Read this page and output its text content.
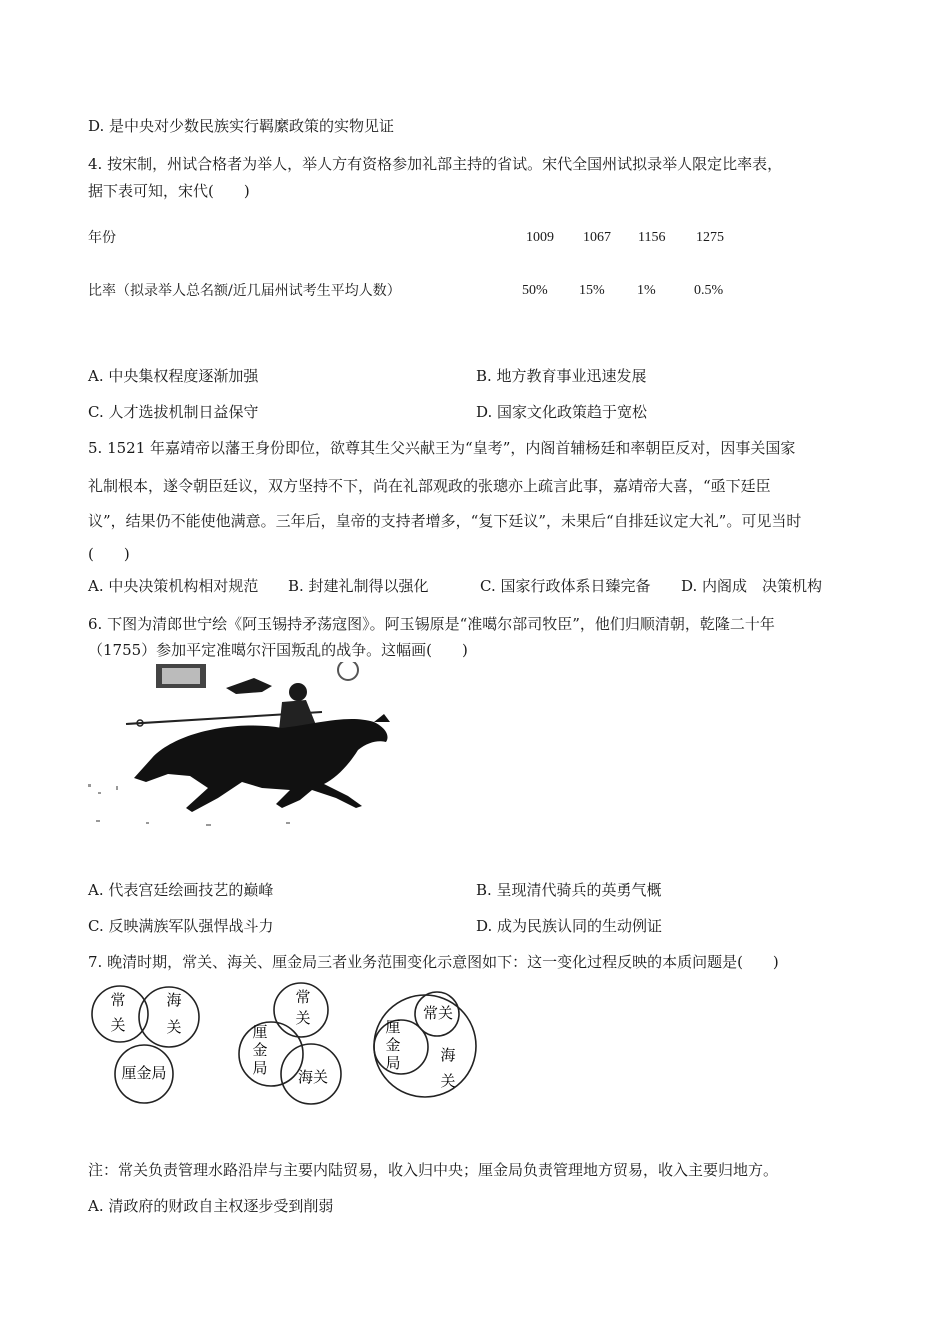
D. 是中央对少数民族实行羁縻政策的实物见证
4. 按宋制，州试合格者为举人，举人方有资格参加礼部主持的省试。宋代全国州试拟录举人限定比率表，
据下表可知，宋代(　　)
年份	1009 1067 1156 1275
比率（拟录举人总名额/近几届州试考生平均人数）	50% 15% 1%	0.5%
A. 中央集权程度逐渐加强	B. 地方教育事业迅速发展
C. 人才选拔机制日益保守	D. 国家文化政策趋于宽松
5. 1521 年嘉靖帝以藩王身份即位，欲尊其生父兴献王为“皇考”，内阁首辅杨廷和率朝臣反对，因事关国家
礼制根本，遂令朝臣廷议，双方坚持不下，尚在礼部观政的张璁亦上疏言此事，嘉靖帝大喜，“亟下廷臣
议”，结果仍不能使他满意。三年后，皇帝的支持者增多，“复下廷议”，未果后“自排廷议定大礼”。可见当时
(　　)
A. 中央决策机构相对规范 B. 封建礼制得以强化	C. 国家行政体系日臻完备 D. 内阁成　决策机构
6. 下图为清郎世宁绘《阿玉锡持矛荡寇图》。阿玉锡原是“准噶尔部司牧臣”，他们归顺清朝，乾隆二十年
（1755）参加平定准噶尔汗国叛乱的战争。这幅画(　　)
A. 代表宫廷绘画技艺的巅峰	B. 呈现清代骑兵的英勇气概
C. 反映满族军队强悍战斗力	D. 成为民族认同的生动例证
7. 晚清时期，常关、海关、厘金局三者业务范围变化示意图如下：这一变化过程反映的本质问题是(　　)
常
关
海
关
厘金局
常
关
厘
金
局 海关
常关
厘
金
局	海
关
注：常关负责管理水路沿岸与主要内陆贸易，收入归中央；厘金局负责管理地方贸易，收入主要归地方。
A. 清政府的财政自主权逐步受到削弱
